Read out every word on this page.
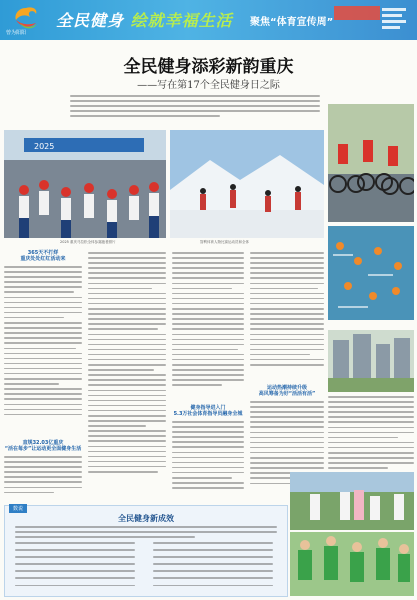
曾为阳阳
全民健身 绘就幸福生活 聚焦“体育宣传周”
全民健身添彩新韵重庆
——写在第17个全民健身日之际
2025
2025 重庆马拉松全体参赛跑者照片	智利体育人物比赛运动员和全体
365天不打烊
重庆处处红红活动来
直规32.03亿重庆
“活在每步”让运动更全面健身生活
健身指导进入门
5.3万社会体育指导员融身全城
运动热潮持续升级
高风筹备为好“活活有活”
数说
全民健身新成效
